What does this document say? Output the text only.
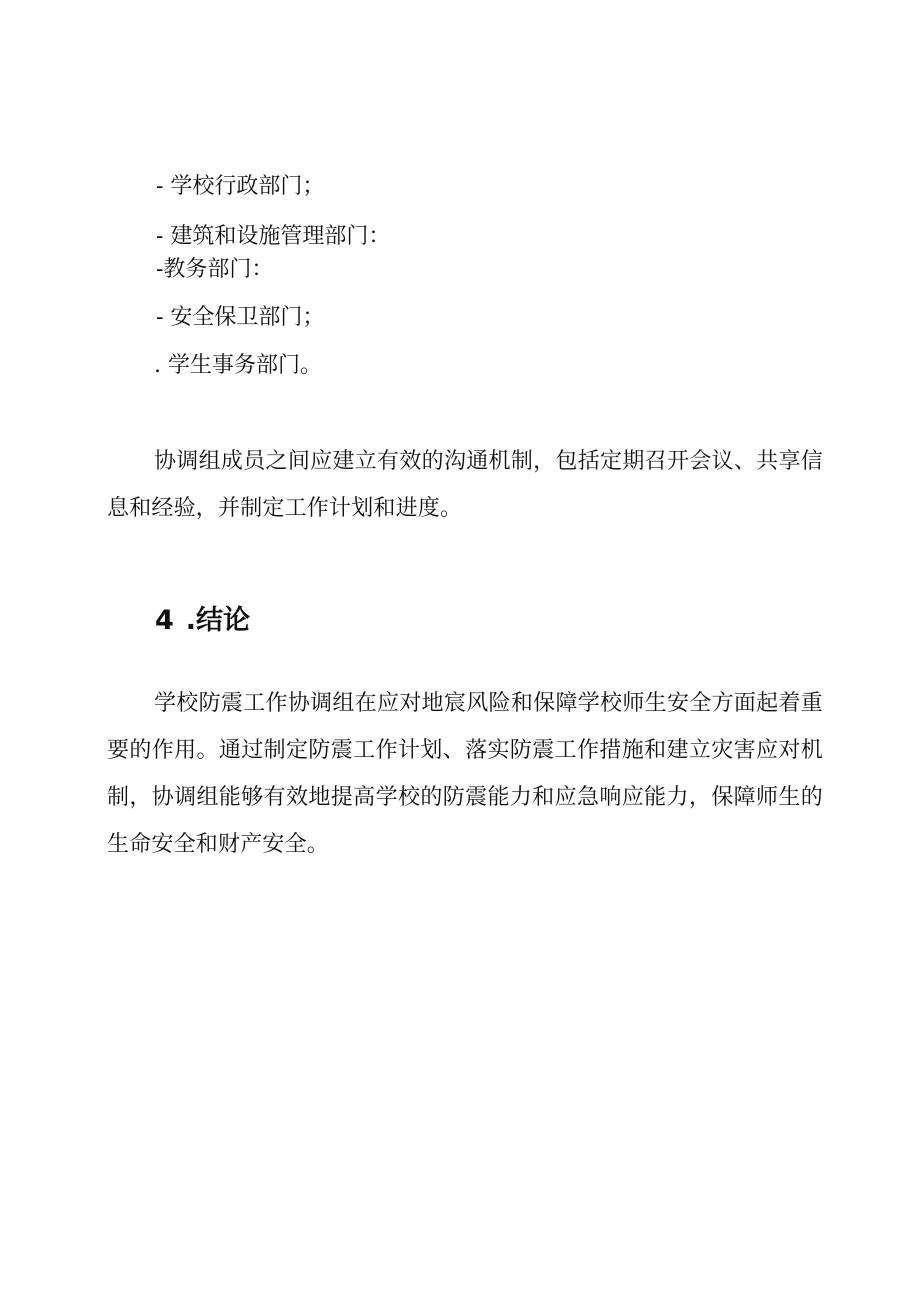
- 学校行政部门；
- 建筑和设施管理部门：
-教务部门：
- 安全保卫部门；
. 学生事务部门。

协调组成员之间应建立有效的沟通机制，包括定期召开会议、共享信息和经验，并制定工作计划和进度。

4 .结论

学校防震工作协调组在应对地宸风险和保障学校师生安全方面起着重要的作用。通过制定防震工作计划、落实防震工作措施和建立灾害应对机制，协调组能够有效地提高学校的防震能力和应急响应能力，保障师生的生命安全和财产安全。
